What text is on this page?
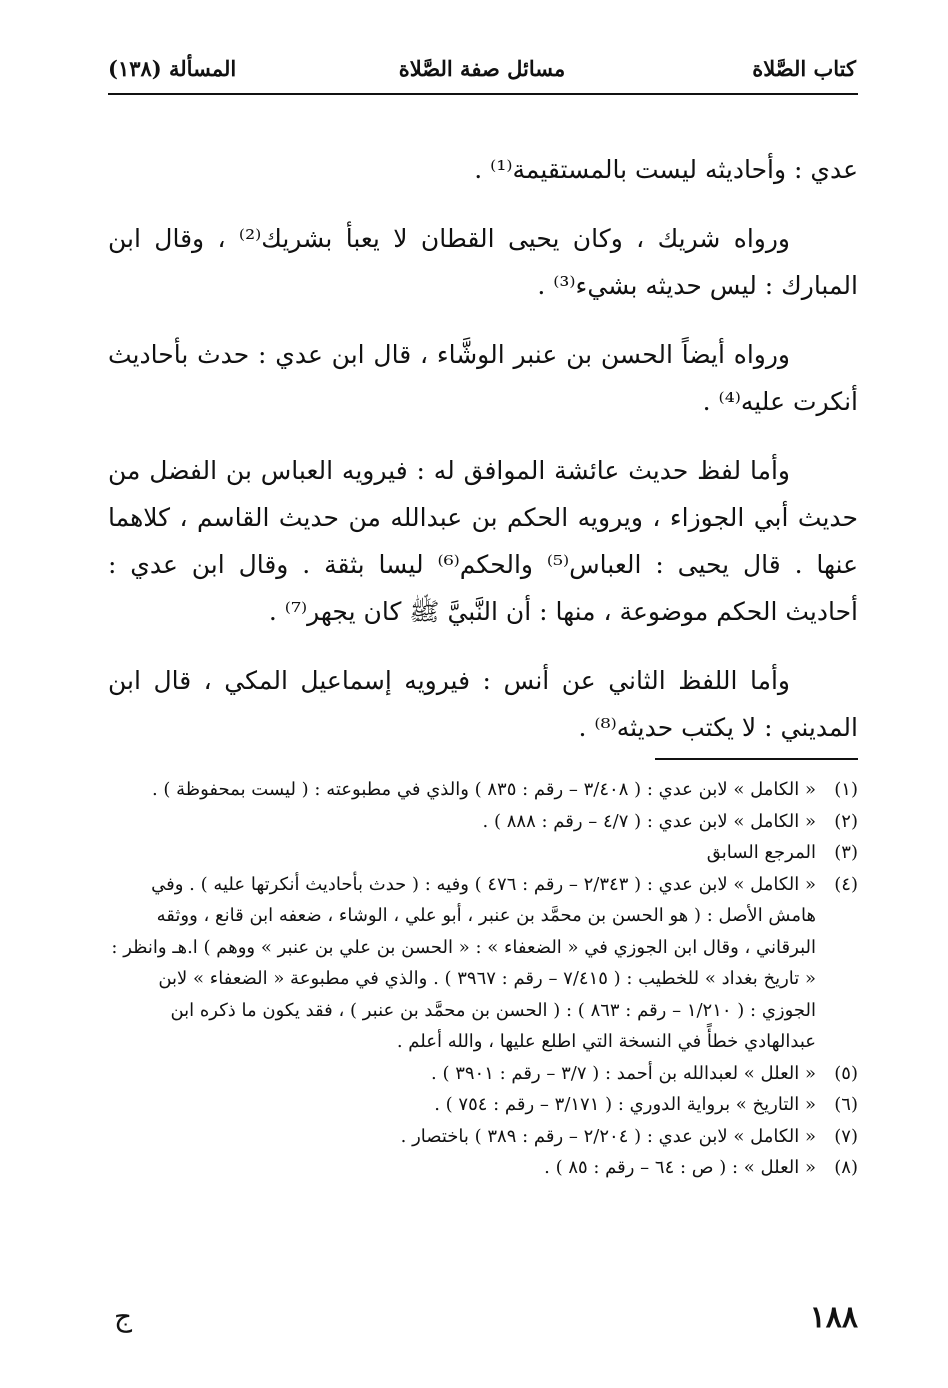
كتاب الصَّلاة
مسائل صفة الصَّلاة
المسألة (١٣٨)

عدي : وأحاديثه ليست بالمستقيمة⁽¹⁾ .

ورواه شريك ، وكان يحيى القطان لا يعبأ بشريك⁽²⁾ ، وقال ابن المبارك : ليس حديثه بشيء⁽³⁾ .

ورواه أيضاً الحسن بن عنبر الوشَّاء ، قال ابن عدي : حدث بأحاديث أنكرت عليه⁽⁴⁾ .

وأما لفظ حديث عائشة الموافق له : فيرويه العباس بن الفضل من حديث أبي الجوزاء ، ويرويه الحكم بن عبدالله من حديث القاسم ، كلاهما عنها . قال يحيى : العباس⁽⁵⁾ والحكم⁽⁶⁾ ليسا بثقة . وقال ابن عدي : أحاديث الحكم موضوعة ، منها : أن النَّبيَّ ﷺ كان يجهر⁽⁷⁾ .

وأما اللفظ الثاني عن أنس : فيرويه إسماعيل المكي ، قال ابن المديني : لا يكتب حديثه⁽⁸⁾ .

(١)
« الكامل » لابن عدي : ( ٣/٤٠٨ – رقم : ٨٣٥ ) والذي في مطبوعته : ( ليست بمحفوظة ) .
(٢)
« الكامل » لابن عدي : ( ٤/٧ – رقم : ٨٨٨ ) .
(٣)
المرجع السابق
(٤)
« الكامل » لابن عدي : ( ٢/٣٤٣ – رقم : ٤٧٦ ) وفيه : ( حدث بأحاديث أنكرتها عليه ) . وفي هامش الأصل : ( هو الحسن بن محمَّد بن عنبر ، أبو علي ، الوشاء ، ضعفه ابن قانع ، ووثقه البرقاني ، وقال ابن الجوزي في « الضعفاء » : « الحسن بن علي بن عنبر » ووهم ) ا.هـ وانظر : « تاريخ بغداد » للخطيب : ( ٧/٤١٥ – رقم : ٣٩٦٧ ) . والذي في مطبوعة « الضعفاء » لابن الجوزي : ( ١/٢١٠ – رقم : ٨٦٣ ) : ( الحسن بن محمَّد بن عنبر ) ، فقد يكون ما ذكره ابن عبدالهادي خطأً في النسخة التي اطلع عليها ، والله أعلم .
(٥)
« العلل » لعبدالله بن أحمد : ( ٣/٧ – رقم : ٣٩٠١ ) .
(٦)
« التاريخ » برواية الدوري : ( ٣/١٧١ – رقم : ٧٥٤ ) .
(٧)
« الكامل » لابن عدي : ( ٢/٢٠٤ – رقم : ٣٨٩ ) باختصار .
(٨)
« العلل » : ( ص : ٦٤ – رقم : ٨٥ ) .
١٨٨
ج
